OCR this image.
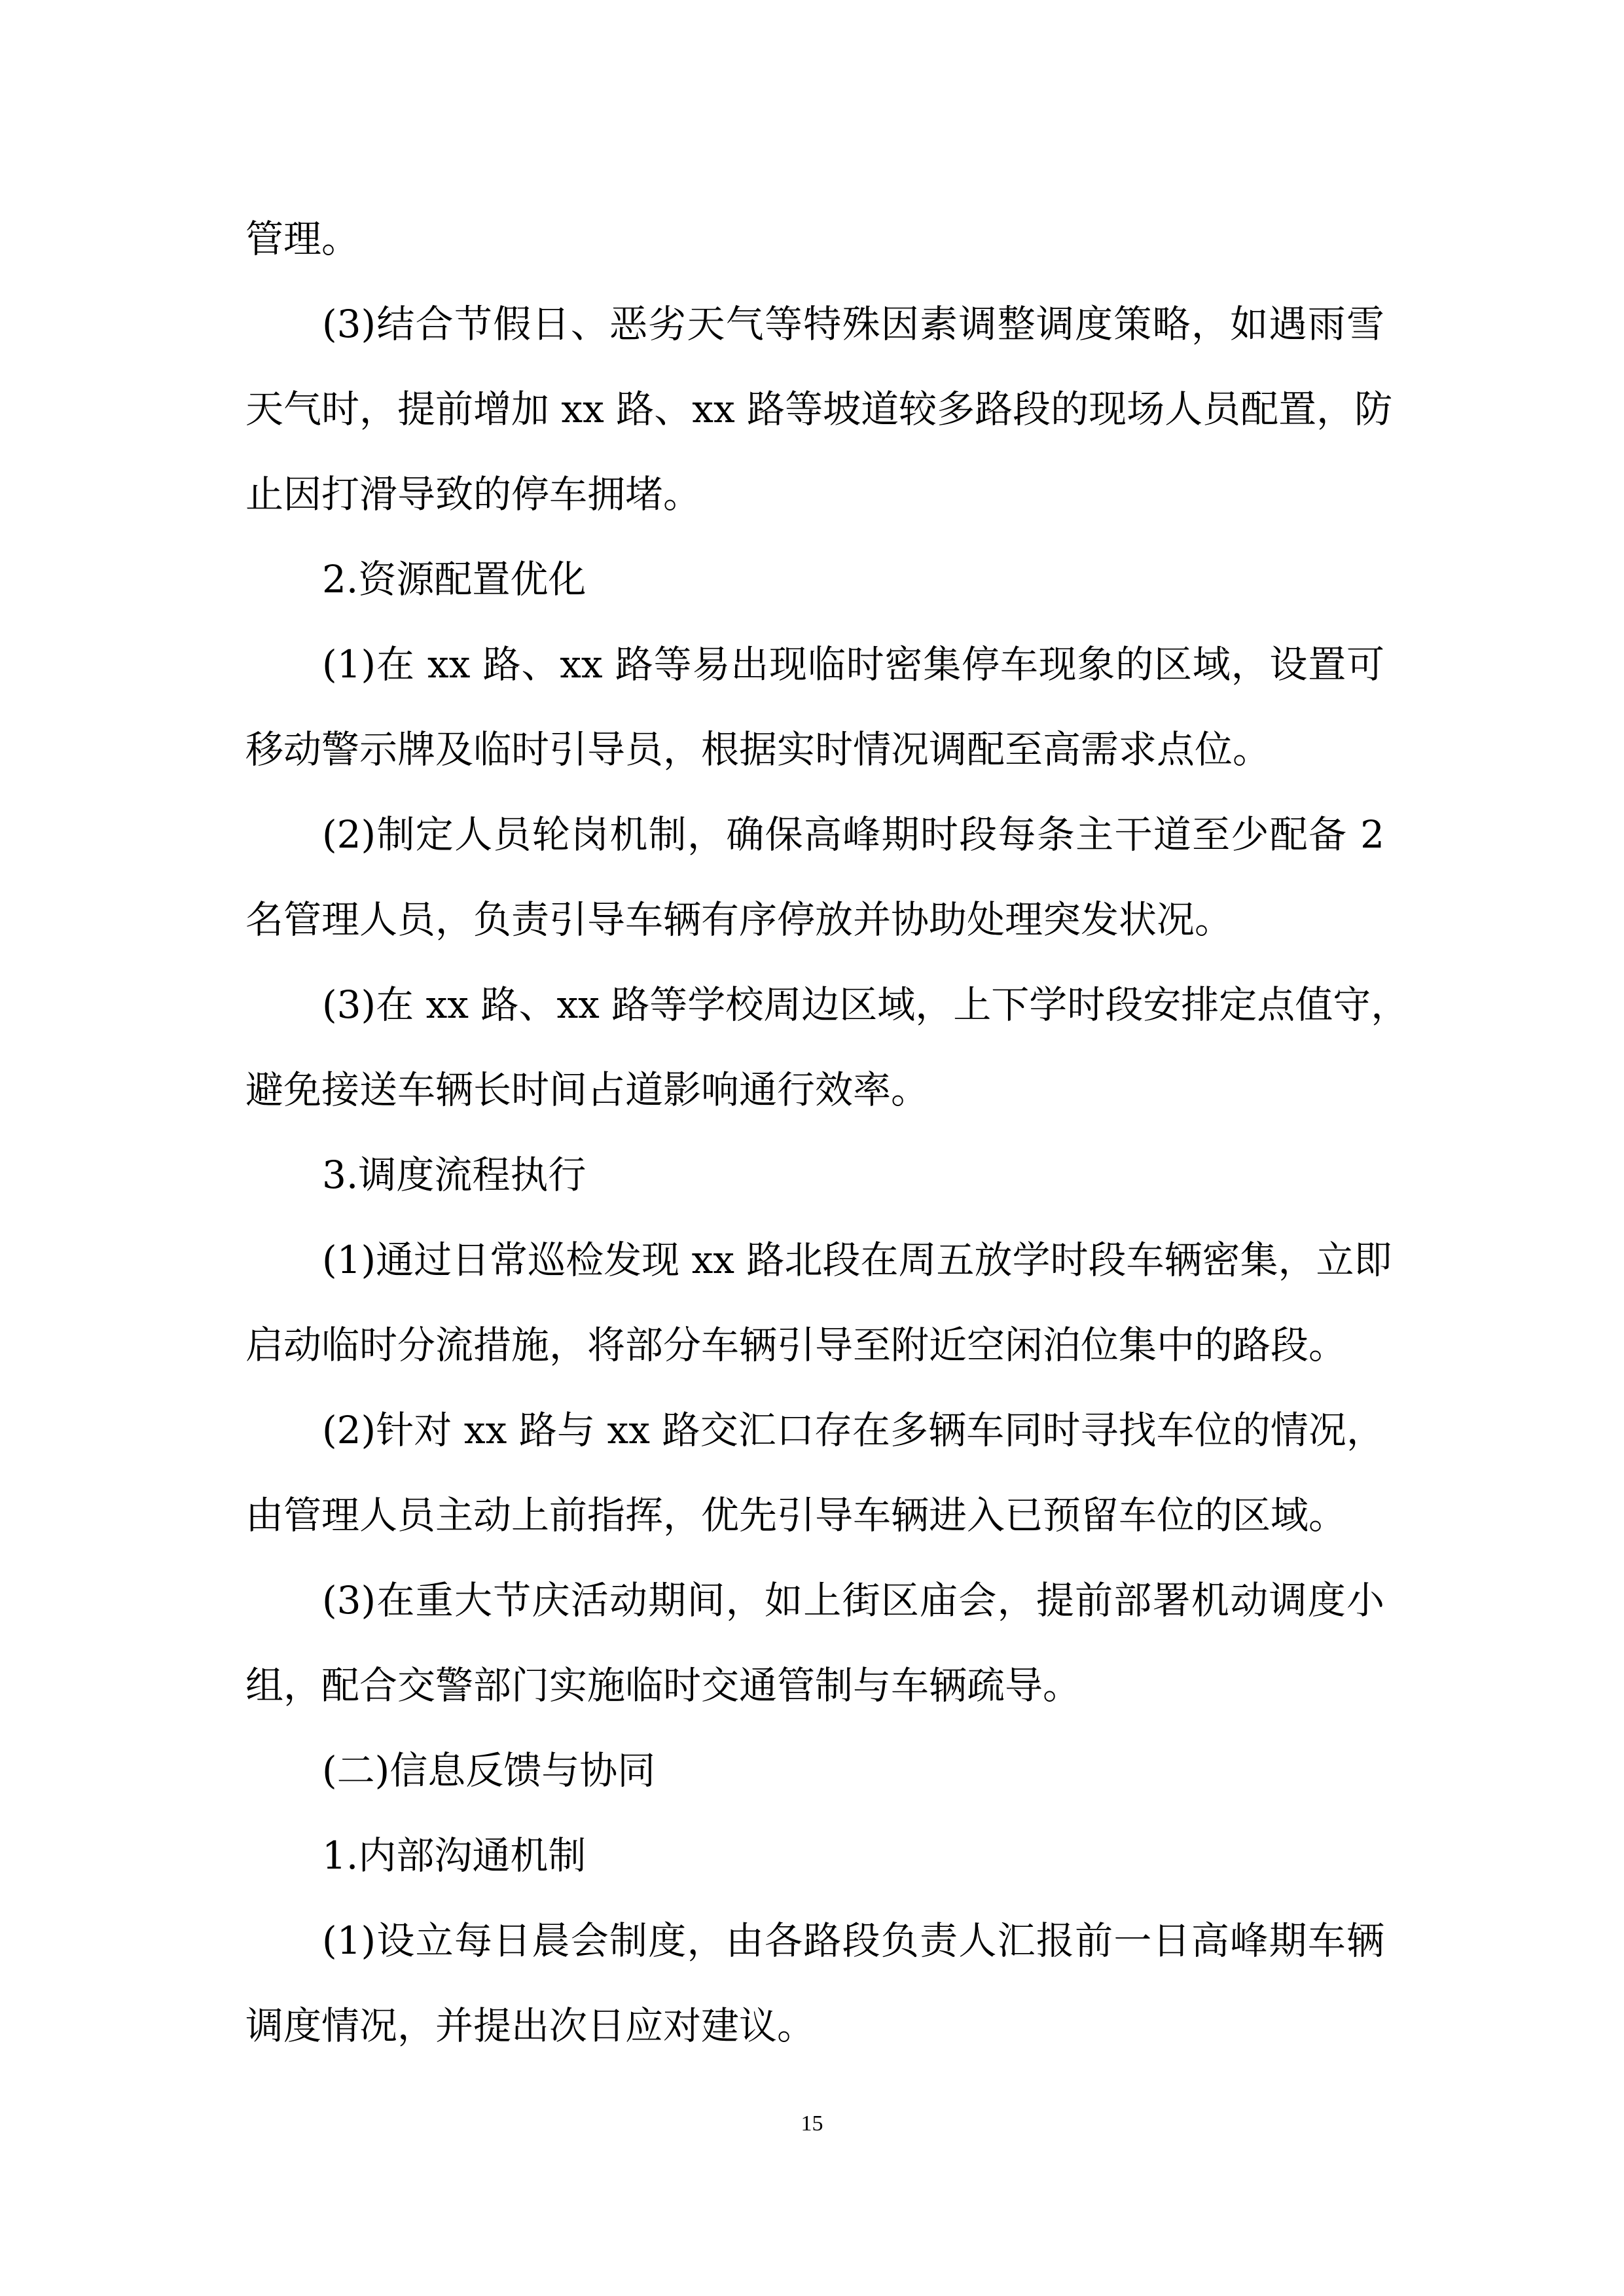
管理。
(3)结合节假日、恶劣天气等特殊因素调整调度策略，如遇雨雪
天气时，提前增加 xx 路、xx 路等坡道较多路段的现场人员配置，防
止因打滑导致的停车拥堵。
2.资源配置优化
(1)在 xx 路、xx 路等易出现临时密集停车现象的区域，设置可
移动警示牌及临时引导员，根据实时情况调配至高需求点位。
(2)制定人员轮岗机制，确保高峰期时段每条主干道至少配备 2
名管理人员，负责引导车辆有序停放并协助处理突发状况。
(3)在 xx 路、xx 路等学校周边区域，上下学时段安排定点值守，
避免接送车辆长时间占道影响通行效率。
3.调度流程执行
(1)通过日常巡检发现 xx 路北段在周五放学时段车辆密集，立即
启动临时分流措施，将部分车辆引导至附近空闲泊位集中的路段。
(2)针对 xx 路与 xx 路交汇口存在多辆车同时寻找车位的情况，
由管理人员主动上前指挥，优先引导车辆进入已预留车位的区域。
(3)在重大节庆活动期间，如上街区庙会，提前部署机动调度小
组，配合交警部门实施临时交通管制与车辆疏导。
(二)信息反馈与协同
1.内部沟通机制
(1)设立每日晨会制度，由各路段负责人汇报前一日高峰期车辆
调度情况，并提出次日应对建议。
15
